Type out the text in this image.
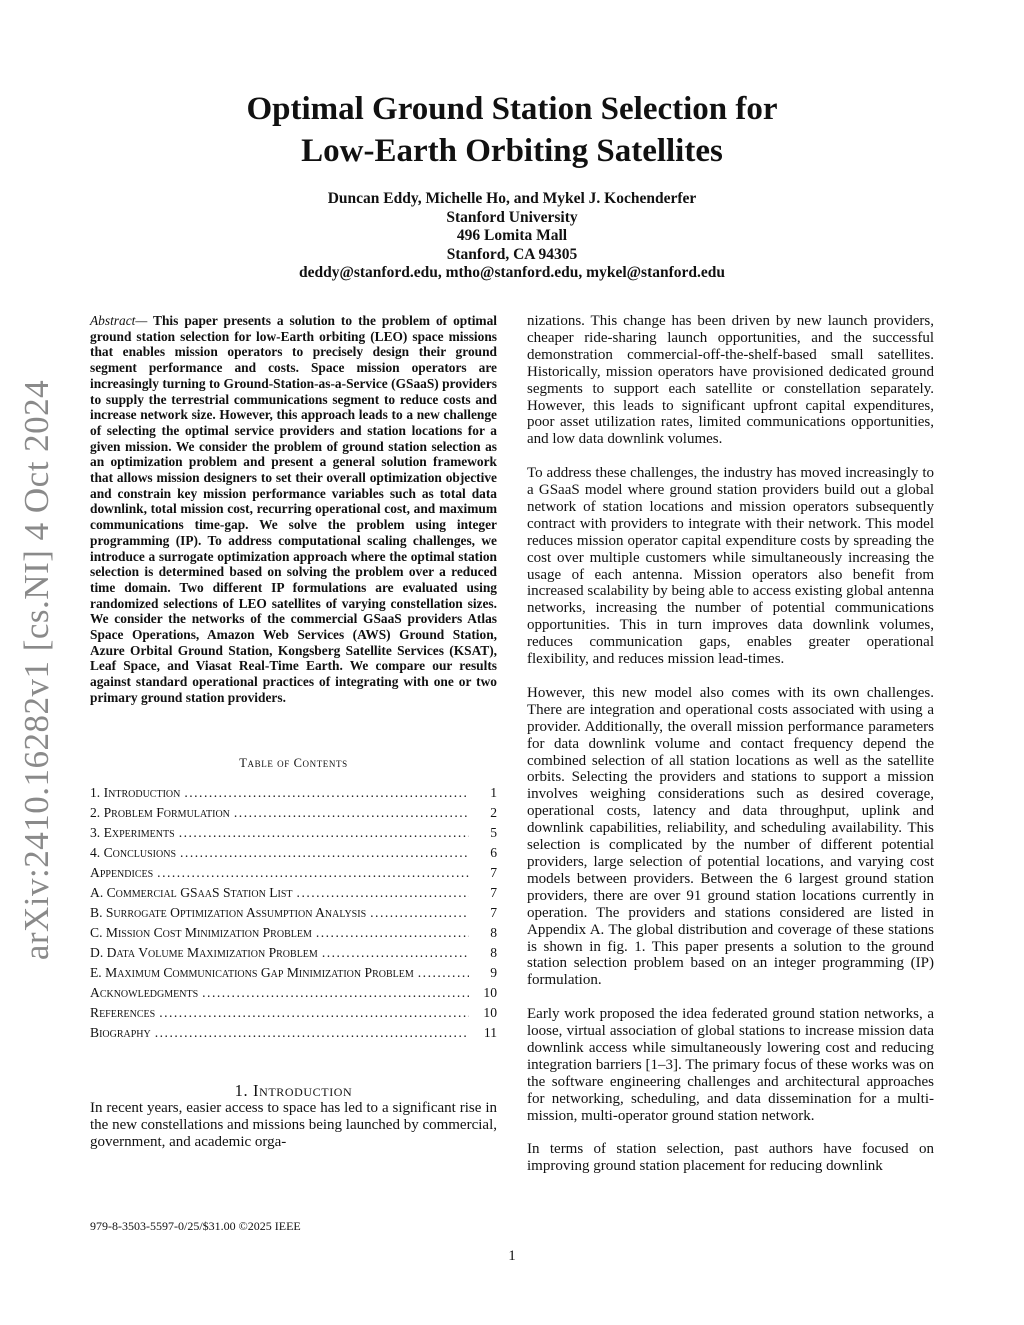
arXiv:2410.16282v1 [cs.NI] 4 Oct 2024
Optimal Ground Station Selection for
Low-Earth Orbiting Satellites
Duncan Eddy, Michelle Ho, and Mykel J. Kochenderfer
Stanford University
496 Lomita Mall
Stanford, CA 94305
deddy@stanford.edu, mtho@stanford.edu, mykel@stanford.edu

Abstract— This paper presents a solution to the problem of optimal ground station selection for low-Earth orbiting (LEO) space missions that enables mission operators to precisely design their ground segment performance and costs. Space mission operators are increasingly turning to Ground-Station-as-a-Service (GSaaS) providers to supply the terrestrial communications segment to reduce costs and increase network size. However, this approach leads to a new challenge of selecting the optimal service providers and station locations for a given mission. We consider the problem of ground station selection as an optimization problem and present a general solution framework that allows mission designers to set their overall optimization objective and constrain key mission performance variables such as total data downlink, total mission cost, recurring operational cost, and maximum communications time-gap. We solve the problem using integer programming (IP). To address computational scaling challenges, we introduce a surrogate optimization approach where the optimal station selection is determined based on solving the problem over a reduced time domain. Two different IP formulations are evaluated using randomized selections of LEO satellites of varying constellation sizes. We consider the networks of the commercial GSaaS providers Atlas Space Operations, Amazon Web Services (AWS) Ground Station, Azure Orbital Ground Station, Kongsberg Satellite Services (KSAT), Leaf Space, and Viasat Real-Time Earth. We compare our results against standard operational practices of integrating with one or two primary ground station providers.

Table of Contents
1. Introduction .....	1
2. Problem Formulation .....	2
3. Experiments .....	5
4. Conclusions .....	6
Appendices .....	7
A. Commercial GSaaS Station List .....	7
B. Surrogate Optimization Assumption Analysis .....	7
C. Mission Cost Minimization Problem .....	8
D. Data Volume Maximization Problem .....	8
E. Maximum Communications Gap Minimization Problem .....	9
Acknowledgments .....	10
References .....	10
Biography .....	11
1. Introduction

In recent years, easier access to space has led to a significant rise in the new constellations and missions being launched by commercial, government, and academic orga-

nizations. This change has been driven by new launch providers, cheaper ride-sharing launch opportunities, and the successful demonstration commercial-off-the-shelf-based small satellites. Historically, mission operators have provisioned dedicated ground segments to support each satellite or constellation separately. However, this leads to significant upfront capital expenditures, poor asset utilization rates, limited communications opportunities, and low data downlink volumes.

To address these challenges, the industry has moved increasingly to a GSaaS model where ground station providers build out a global network of station locations and mission operators subsequently contract with providers to integrate with their network. This model reduces mission operator capital expenditure costs by spreading the cost over multiple customers while simultaneously increasing the usage of each antenna. Mission operators also benefit from increased scalability by being able to access existing global antenna networks, increasing the number of potential communications opportunities. This in turn improves data downlink volumes, reduces communication gaps, enables greater operational flexibility, and reduces mission lead-times.

However, this new model also comes with its own challenges. There are integration and operational costs associated with using a provider. Additionally, the overall mission performance parameters for data downlink volume and contact frequency depend the combined selection of all station locations as well as the satellite orbits. Selecting the providers and stations to support a mission involves weighing considerations such as desired coverage, operational costs, latency and data throughput, uplink and downlink capabilities, reliability, and scheduling availability. This selection is complicated by the number of different potential providers, large selection of potential locations, and varying cost models between providers. Between the 6 largest ground station providers, there are over 91 ground station locations currently in operation. The providers and stations considered are listed in Appendix A. The global distribution and coverage of these stations is shown in fig. 1. This paper presents a solution to the ground station selection problem based on an integer programming (IP) formulation.

Early work proposed the idea federated ground station networks, a loose, virtual association of global stations to increase mission data downlink access while simultaneously lowering cost and reducing integration barriers [1–3]. The primary focus of these works was on the software engineering challenges and architectural approaches for networking, scheduling, and data dissemination for a multi-mission, multi-operator ground station network.

In terms of station selection, past authors have focused on improving ground station placement for reducing downlink

979-8-3503-5597-0/25/$31.00 ©2025 IEEE
1
